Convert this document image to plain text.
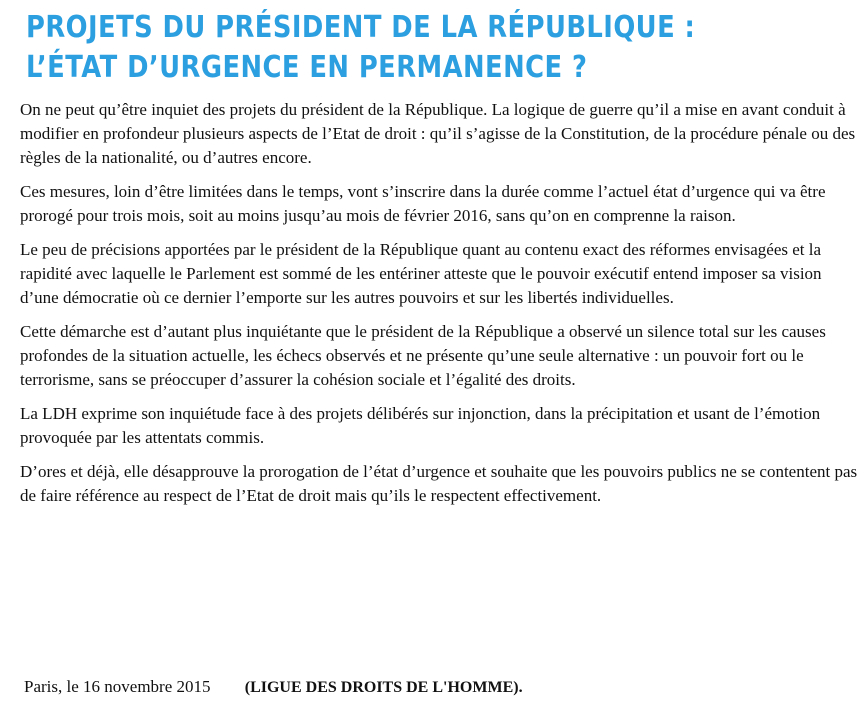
PROJETS DU PRÉSIDENT DE LA RÉPUBLIQUE :
L’ÉTAT D’URGENCE EN PERMANENCE ?

On ne peut qu’être inquiet des projets du président de la République. La logique de guerre qu’il a mise en avant conduit à modifier en profondeur plusieurs aspects de l’Etat de droit : qu’il s’agisse de la Constitution, de la procédure pénale ou des règles de la nationalité, ou d’autres encore.

Ces mesures, loin d’être limitées dans le temps, vont s’inscrire dans la durée comme l’actuel état d’urgence qui va être prorogé pour trois mois, soit au moins jusqu’au mois de février 2016, sans qu’on en comprenne la raison.

Le peu de précisions apportées par le président de la République quant au contenu exact des réformes envisagées et la rapidité avec laquelle le Parlement est sommé de les entériner atteste que le pouvoir exécutif entend imposer sa vision d’une démocratie où ce dernier l’emporte sur les autres pouvoirs et sur les libertés individuelles.

Cette démarche est d’autant plus inquiétante que le président de la République a observé un silence total sur les causes profondes de la situation actuelle, les échecs observés et ne présente qu’une seule alternative : un pouvoir fort ou le terrorisme, sans se préoccuper d’assurer la cohésion sociale et l’égalité des droits.

La LDH exprime son inquiétude face à des projets délibérés sur injonction, dans la précipitation et usant de l’émotion provoquée par les attentats commis.

D’ores et déjà, elle désapprouve la prorogation de l’état d’urgence et souhaite que les pouvoirs publics ne se contentent pas de faire référence au respect de l’Etat de droit mais qu’ils le respectent effectivement.

Paris, le 16 novembre 2015 (LIGUE DES DROITS DE L'HOMME).
